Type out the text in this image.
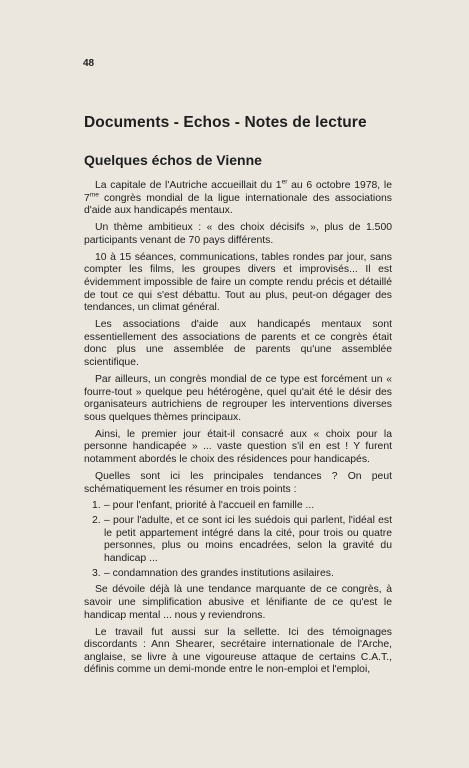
48
Documents - Echos - Notes de lecture
Quelques échos de Vienne

La capitale de l'Autriche accueillait du 1er au 6 octobre 1978, le $7^{me}$ congrès mondial de la ligue internationale des associations d'aide aux handicapés mentaux.

Un thème ambitieux : « des choix décisifs », plus de 1.500 participants venant de 70 pays différents.

10 à 15 séances, communications, tables rondes par jour, sans compter les films, les groupes divers et improvisés... Il est évidemment impossible de faire un compte rendu précis et détaillé de tout ce qui s'est débattu. Tout au plus, peut-on dégager des tendances, un climat général.

Les associations d'aide aux handicapés mentaux sont essentiellement des associations de parents et ce congrès était donc plus une assemblée de parents qu'une assemblée scientifique.

Par ailleurs, un congrès mondial de ce type est forcément un « fourre-tout » quelque peu hétérogène, quel qu'ait été le désir des organisateurs autrichiens de regrouper les interventions diverses sous quelques thèmes principaux.

Ainsi, le premier jour était-il consacré aux « choix pour la personne handicapée » ... vaste question s'il en est ! Y furent notamment abordés le choix des résidences pour handicapés.

Quelles sont ici les principales tendances ? On peut schématiquement les résumer en trois points :

1. – pour l'enfant, priorité à l'accueil en famille ...
2. – pour l'adulte, et ce sont ici les suédois qui parlent, l'idéal est le petit appartement intégré dans la cité, pour trois ou quatre personnes, plus ou moins encadrées, selon la gravité du handicap ...
3. – condamnation des grandes institutions asilaires.

Se dévoile déjà là une tendance marquante de ce congrès, à savoir une simplification abusive et lénifiante de ce qu'est le handicap mental ... nous y reviendrons.

Le travail fut aussi sur la sellette. Ici des témoignages discordants : Ann Shearer, secrétaire internationale de l'Arche, anglaise, se livre à une vigoureuse attaque de certains C.A.T., définis comme un demi-monde entre le non-emploi et l'emploi,
